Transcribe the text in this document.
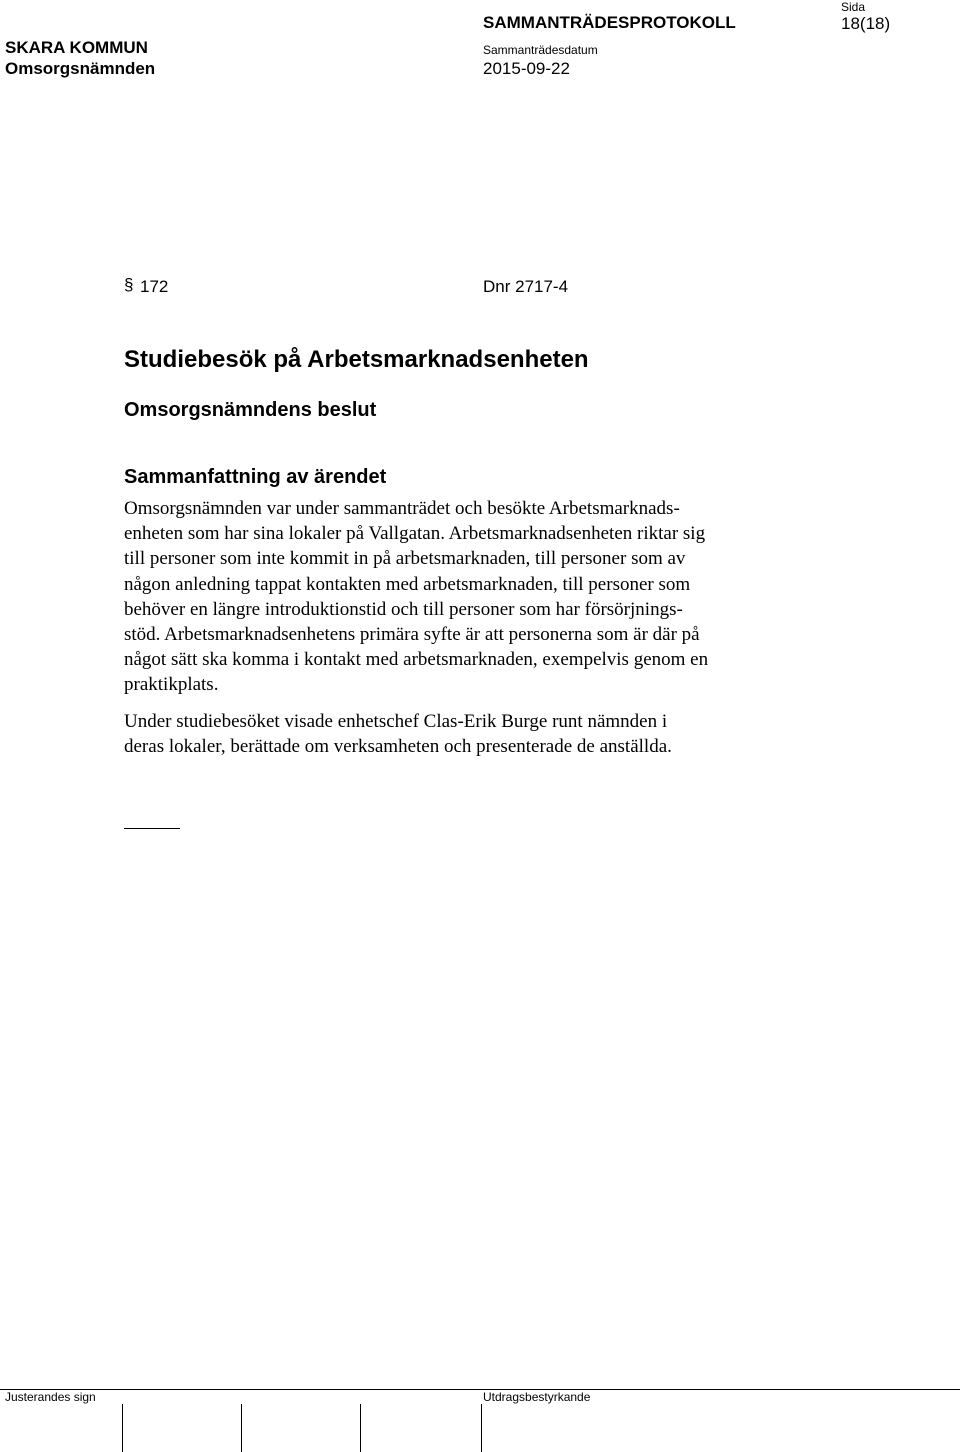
SKARA KOMMUN
Omsorgsnämnden
SAMMANTRÄDESPROTOKOLL
Sammanträdesdatum
2015-09-22
Sida
18(18)
§ 172	Dnr 2717-4
Studiebesök på Arbetsmarknadsenheten
Omsorgsnämndens beslut
Sammanfattning av ärendet
Omsorgsnämnden var under sammanträdet och besökte Arbetsmarknads-
enheten som har sina lokaler på Vallgatan. Arbetsmarknadsenheten riktar sig
till personer som inte kommit in på arbetsmarknaden, till personer som av
någon anledning tappat kontakten med arbetsmarknaden, till personer som
behöver en längre introduktionstid och till personer som har försörjnings-
stöd. Arbetsmarknadsenhetens primära syfte är att personerna som är där på
något sätt ska komma i kontakt med arbetsmarknaden, exempelvis genom en
praktikplats.
Under studiebesöket visade enhetschef Clas-Erik Burge runt nämnden i
deras lokaler, berättade om verksamheten och presenterade de anställda.
Justerandes sign	Utdragsbestyrkande
